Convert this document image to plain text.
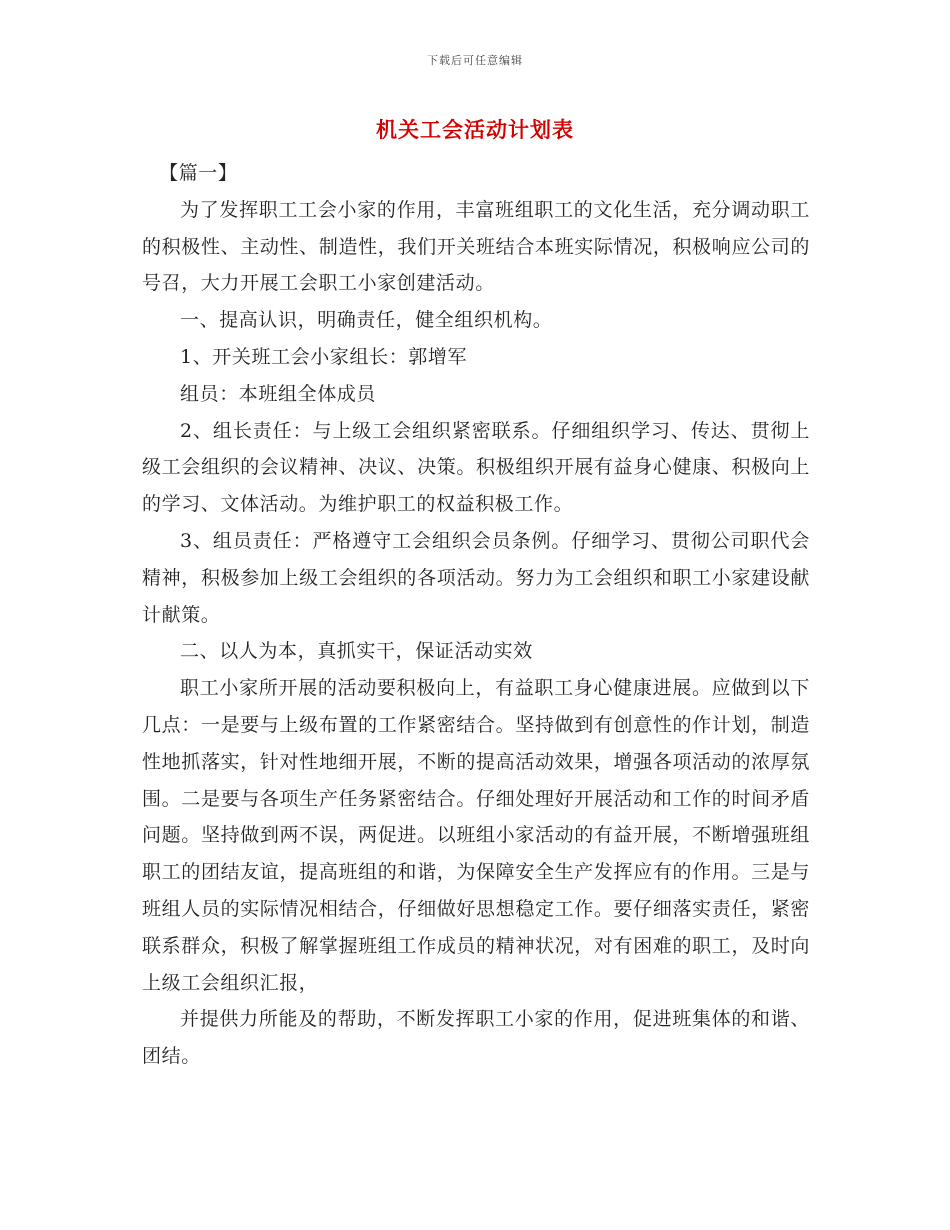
下载后可任意编辑
机关工会活动计划表

【篇一】

为了发挥职工工会小家的作用，丰富班组职工的文化生活，充分调动职工的积极性、主动性、制造性，我们开关班结合本班实际情况，积极响应公司的号召，大力开展工会职工小家创建活动。

一、提高认识，明确责任，健全组织机构。

1、开关班工会小家组长：郭增军

组员：本班组全体成员

2、组长责任：与上级工会组织紧密联系。仔细组织学习、传达、贯彻上级工会组织的会议精神、决议、决策。积极组织开展有益身心健康、积极向上的学习、文体活动。为维护职工的权益积极工作。

3、组员责任：严格遵守工会组织会员条例。仔细学习、贯彻公司职代会精神，积极参加上级工会组织的各项活动。努力为工会组织和职工小家建设献计献策。

二、以人为本，真抓实干，保证活动实效

职工小家所开展的活动要积极向上，有益职工身心健康进展。应做到以下几点：一是要与上级布置的工作紧密结合。坚持做到有创意性的作计划，制造性地抓落实，针对性地细开展，不断的提高活动效果，增强各项活动的浓厚氛围。二是要与各项生产任务紧密结合。仔细处理好开展活动和工作的时间矛盾问题。坚持做到两不误，两促进。以班组小家活动的有益开展，不断增强班组职工的团结友谊，提高班组的和谐，为保障安全生产发挥应有的作用。三是与班组人员的实际情况相结合，仔细做好思想稳定工作。要仔细落实责任，紧密联系群众，积极了解掌握班组工作成员的精神状况，对有困难的职工，及时向上级工会组织汇报，

并提供力所能及的帮助，不断发挥职工小家的作用，促进班集体的和谐、团结。
